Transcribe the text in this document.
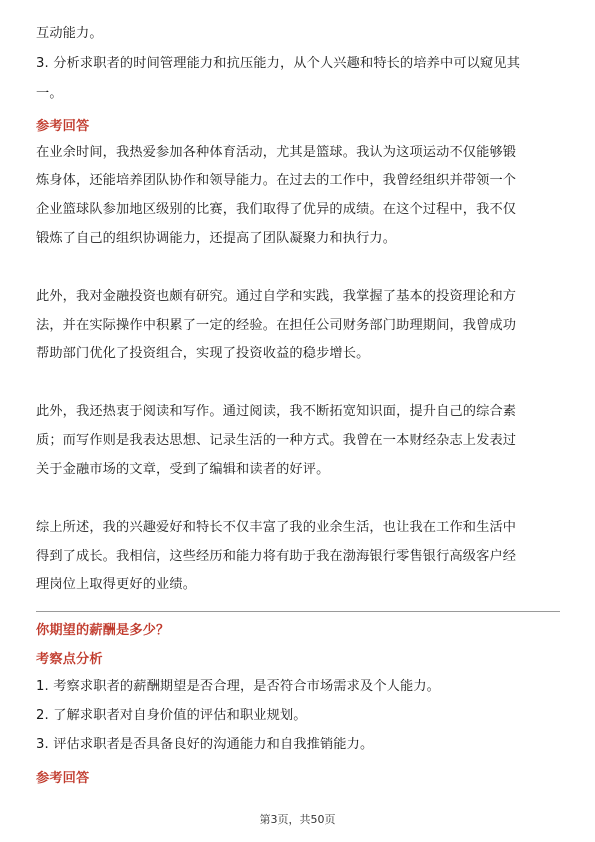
互动能力。
3. 分析求职者的时间管理能力和抗压能力，从个人兴趣和特长的培养中可以窥见其
一。
参考回答
在业余时间，我热爱参加各种体育活动，尤其是篮球。我认为这项运动不仅能够锻
炼身体，还能培养团队协作和领导能力。在过去的工作中，我曾经组织并带领一个
企业篮球队参加地区级别的比赛，我们取得了优异的成绩。在这个过程中，我不仅
锻炼了自己的组织协调能力，还提高了团队凝聚力和执行力。
此外，我对金融投资也颇有研究。通过自学和实践，我掌握了基本的投资理论和方
法，并在实际操作中积累了一定的经验。在担任公司财务部门助理期间，我曾成功
帮助部门优化了投资组合，实现了投资收益的稳步增长。
此外，我还热衷于阅读和写作。通过阅读，我不断拓宽知识面，提升自己的综合素
质；而写作则是我表达思想、记录生活的一种方式。我曾在一本财经杂志上发表过
关于金融市场的文章，受到了编辑和读者的好评。
综上所述，我的兴趣爱好和特长不仅丰富了我的业余生活，也让我在工作和生活中
得到了成长。我相信，这些经历和能力将有助于我在渤海银行零售银行高级客户经
理岗位上取得更好的业绩。
你期望的薪酬是多少？
考察点分析
1. 考察求职者的薪酬期望是否合理，是否符合市场需求及个人能力。
2. 了解求职者对自身价值的评估和职业规划。
3. 评估求职者是否具备良好的沟通能力和自我推销能力。
参考回答
第3页，共50页
